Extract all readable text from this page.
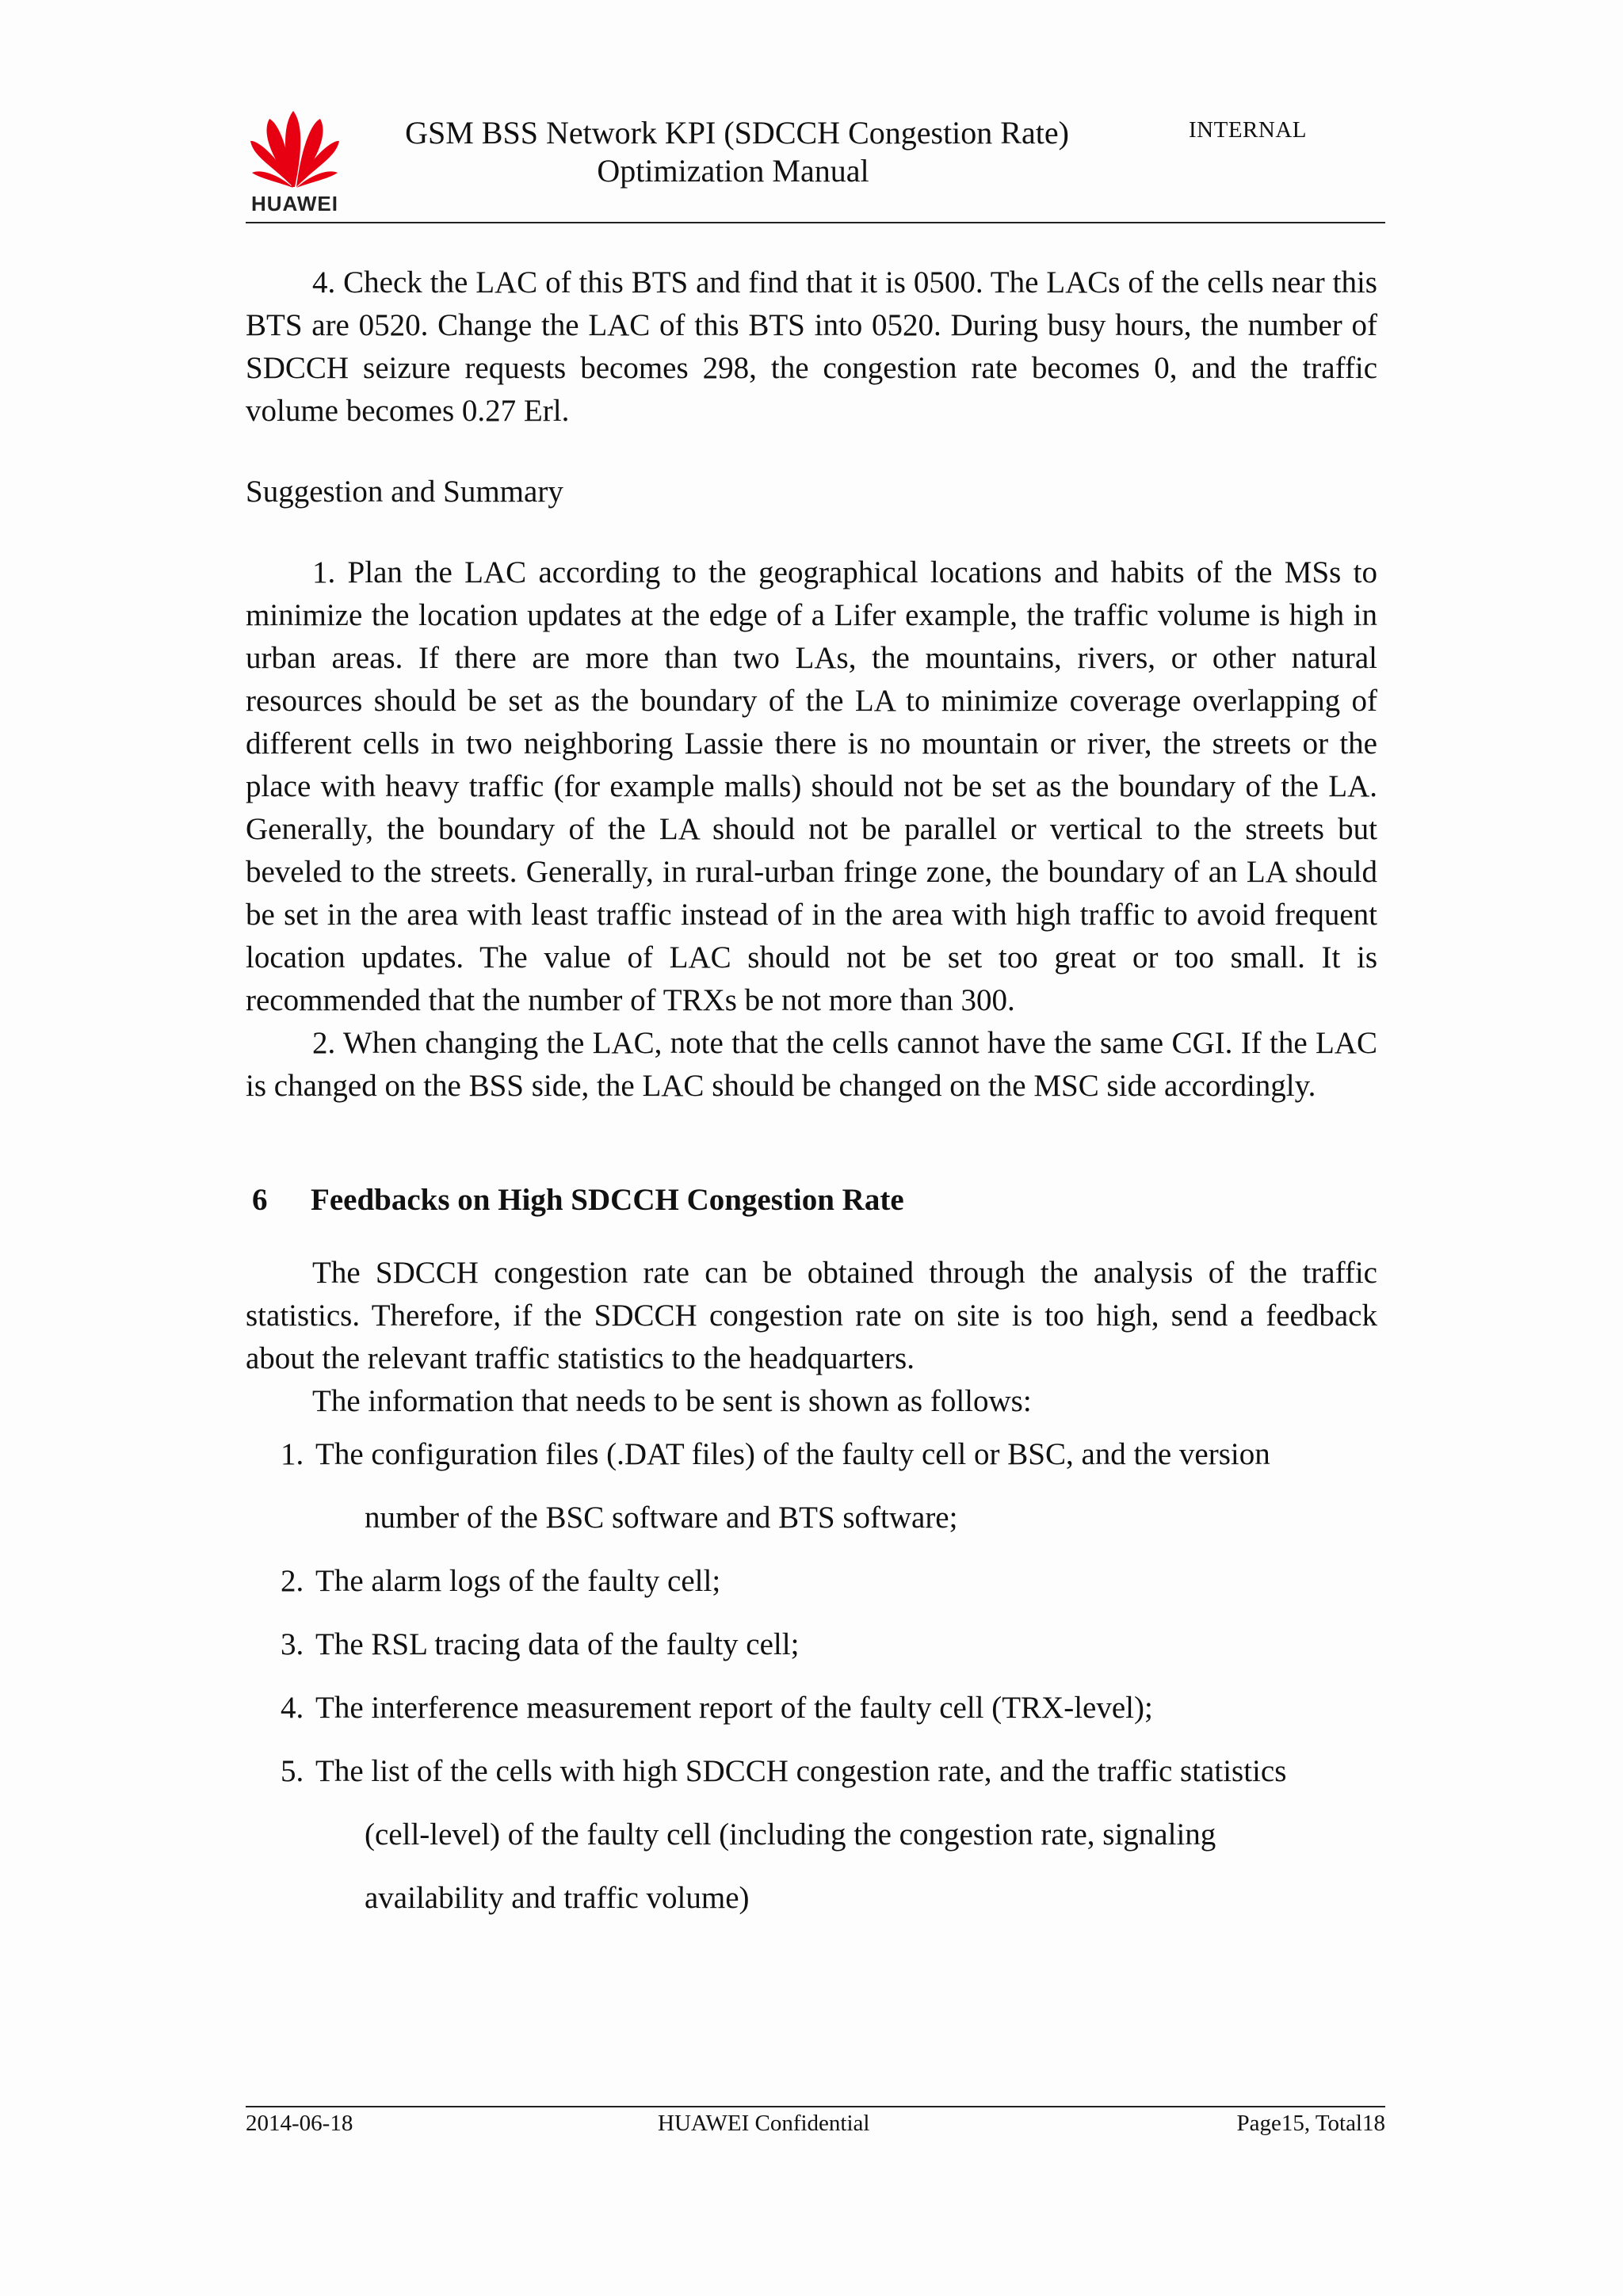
HUAWEI
GSM BSS Network KPI (SDCCH Congestion Rate)
Optimization Manual
INTERNAL

4. Check the LAC of this BTS and find that it is 0500. The LACs of the cells near this BTS are 0520. Change the LAC of this BTS into 0520. During busy hours, the number of SDCCH seizure requests becomes 298, the congestion rate becomes 0, and the traffic volume becomes 0.27 Erl.

Suggestion and Summary

1. Plan the LAC according to the geographical locations and habits of the MSs to minimize the location updates at the edge of a Lifer example, the traffic volume is high in urban areas. If there are more than two LAs, the mountains, rivers, or other natural resources should be set as the boundary of the LA to minimize coverage overlapping of different cells in two neighboring Lassie there is no mountain or river, the streets or the place with heavy traffic (for example malls) should not be set as the boundary of the LA. Generally, the boundary of the LA should not be parallel or vertical to the streets but beveled to the streets. Generally, in rural-urban fringe zone, the boundary of an LA should be set in the area with least traffic instead of in the area with high traffic to avoid frequent location updates. The value of LAC should not be set too great or too small. It is recommended that the number of TRXs be not more than 300.

2. When changing the LAC, note that the cells cannot have the same CGI. If the LAC is changed on the BSS side, the LAC should be changed on the MSC side accordingly.

6	Feedbacks on High SDCCH Congestion Rate

The SDCCH congestion rate can be obtained through the analysis of the traffic statistics. Therefore, if the SDCCH congestion rate on site is too high, send a feedback about the relevant traffic statistics to the headquarters.

The information that needs to be sent is shown as follows:

1. The configuration files (.DAT files) of the faulty cell or BSC, and the version
number of the BSC software and BTS software;
2. The alarm logs of the faulty cell;
3. The RSL tracing data of the faulty cell;
4. The interference measurement report of the faulty cell (TRX-level);
5. The list of the cells with high SDCCH congestion rate, and the traffic statistics
(cell-level) of the faulty cell (including the congestion rate, signaling
availability and traffic volume)
2014-06-18	HUAWEI Confidential	Page15, Total18
